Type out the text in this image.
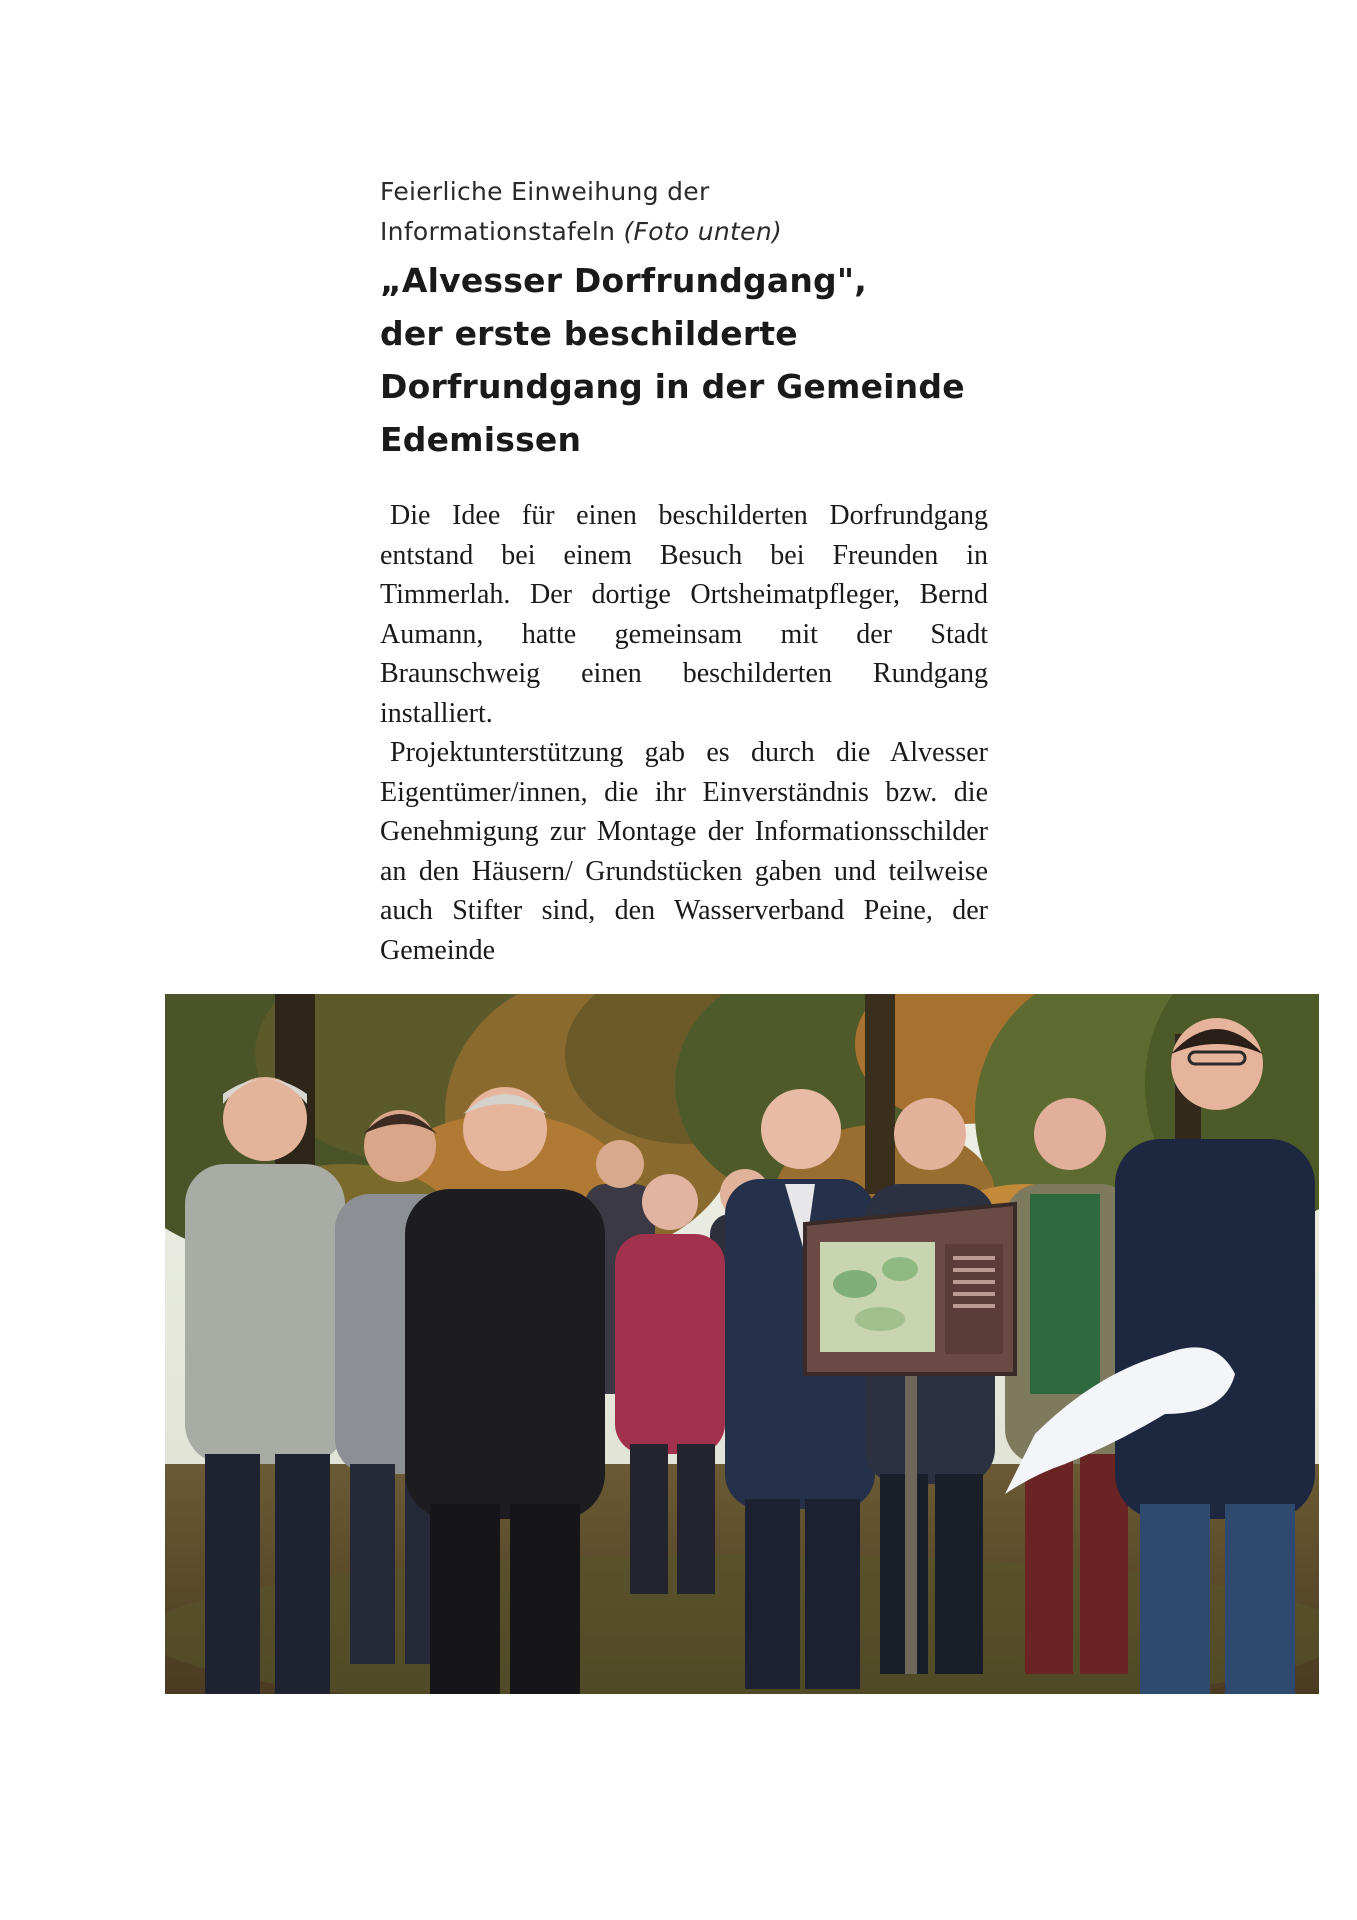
Feierliche Einweihung der
Informationstafeln (Foto unten)
„Alvesser Dorfrundgang",
der erste beschilderte
Dorfrundgang in der Gemeinde
Edemissen

Die Idee für einen beschilderten Dorfrundgang entstand bei einem Besuch bei Freunden in Timmerlah. Der dortige Ortsheimatpfleger, Bernd Aumann, hatte gemeinsam mit der Stadt Braunschweig einen beschilderten Rundgang installiert.

Projektunterstützung gab es durch die Alvesser Eigentümer/innen, die ihr Einverständnis bzw. die Genehmigung zur Montage der Informationsschilder an den Häusern/ Grundstücken gaben und teilweise auch Stifter sind, den Wasserverband Peine, der Gemeinde
